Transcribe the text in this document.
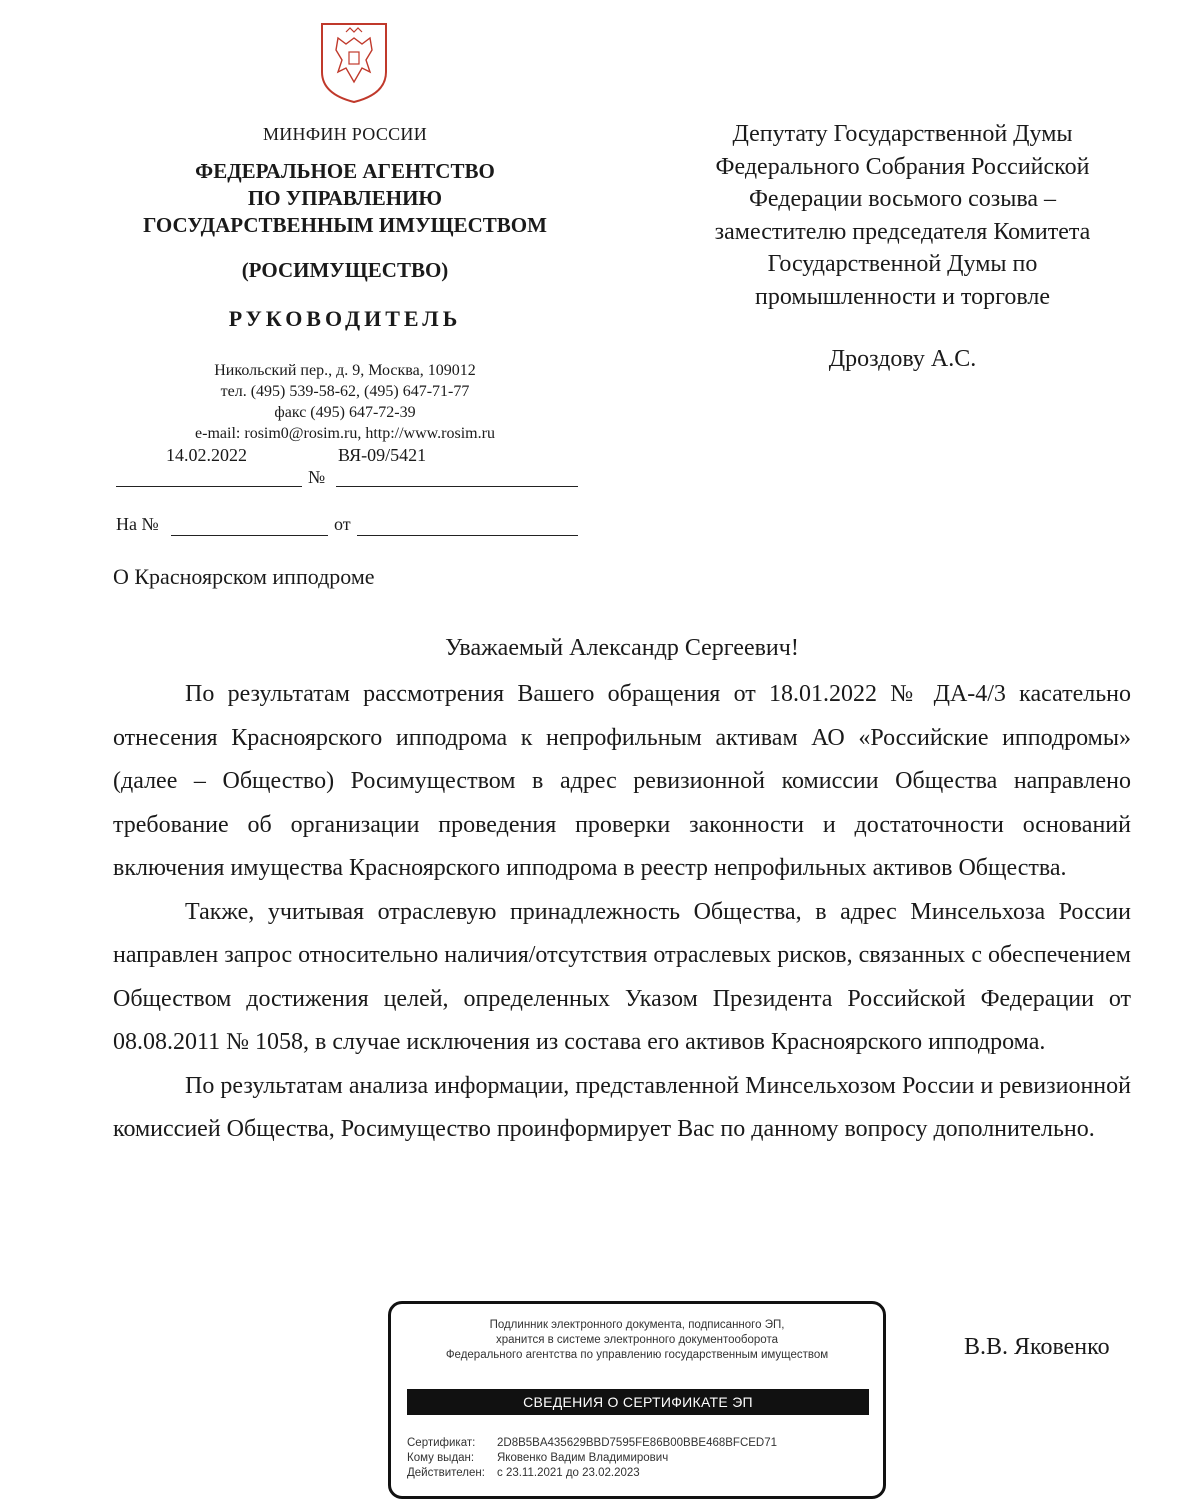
МИНФИН РОССИИ
ФЕДЕРАЛЬНОЕ АГЕНТСТВО
ПО УПРАВЛЕНИЮ
ГОСУДАРСТВЕННЫМ ИМУЩЕСТВОМ
(РОСИМУЩЕСТВО)
РУКОВОДИТЕЛЬ
Никольский пер., д. 9, Москва, 109012
тел. (495) 539-58-62, (495) 647-71-77
факс (495) 647-72-39
e-mail: rosim0@rosim.ru, http://www.rosim.ru
14.02.2022	ВЯ-09/5421
№
На №	от
О Красноярском ипподроме
Депутату Государственной Думы
Федерального Собрания Российской
Федерации восьмого созыва –
заместителю председателя Комитета
Государственной Думы по
промышленности и торговле
Дроздову А.С.
Уважаемый Александр Сергеевич!

По результатам рассмотрения Вашего обращения от 18.01.2022 № ДА-4/3 касательно отнесения Красноярского ипподрома к непрофильным активам АО «Российские ипподромы» (далее – Общество) Росимуществом в адрес ревизионной комиссии Общества направлено требование об организации проведения проверки законности и достаточности оснований включения имущества Красноярского ипподрома в реестр непрофильных активов Общества.

Также, учитывая отраслевую принадлежность Общества, в адрес Минсельхоза России направлен запрос относительно наличия/отсутствия отраслевых рисков, связанных с обеспечением Обществом достижения целей, определенных Указом Президента Российской Федерации от 08.08.2011 № 1058, в случае исключения из состава его активов Красноярского ипподрома.

По результатам анализа информации, представленной Минсельхозом России и ревизионной комиссией Общества, Росимущество проинформирует Вас по данному вопросу дополнительно.

Подлинник электронного документа, подписанного ЭП,
хранится в системе электронного документооборота
Федерального агентства по управлению государственным имуществом
СВЕДЕНИЯ О СЕРТИФИКАТЕ ЭП
Сертификат: 2D8B5BA435629BBD7595FE86B00BBE468BFCED71
Кому выдан: Яковенко Вадим Владимирович
Действителен: с 23.11.2021 до 23.02.2023
В.В. Яковенко
